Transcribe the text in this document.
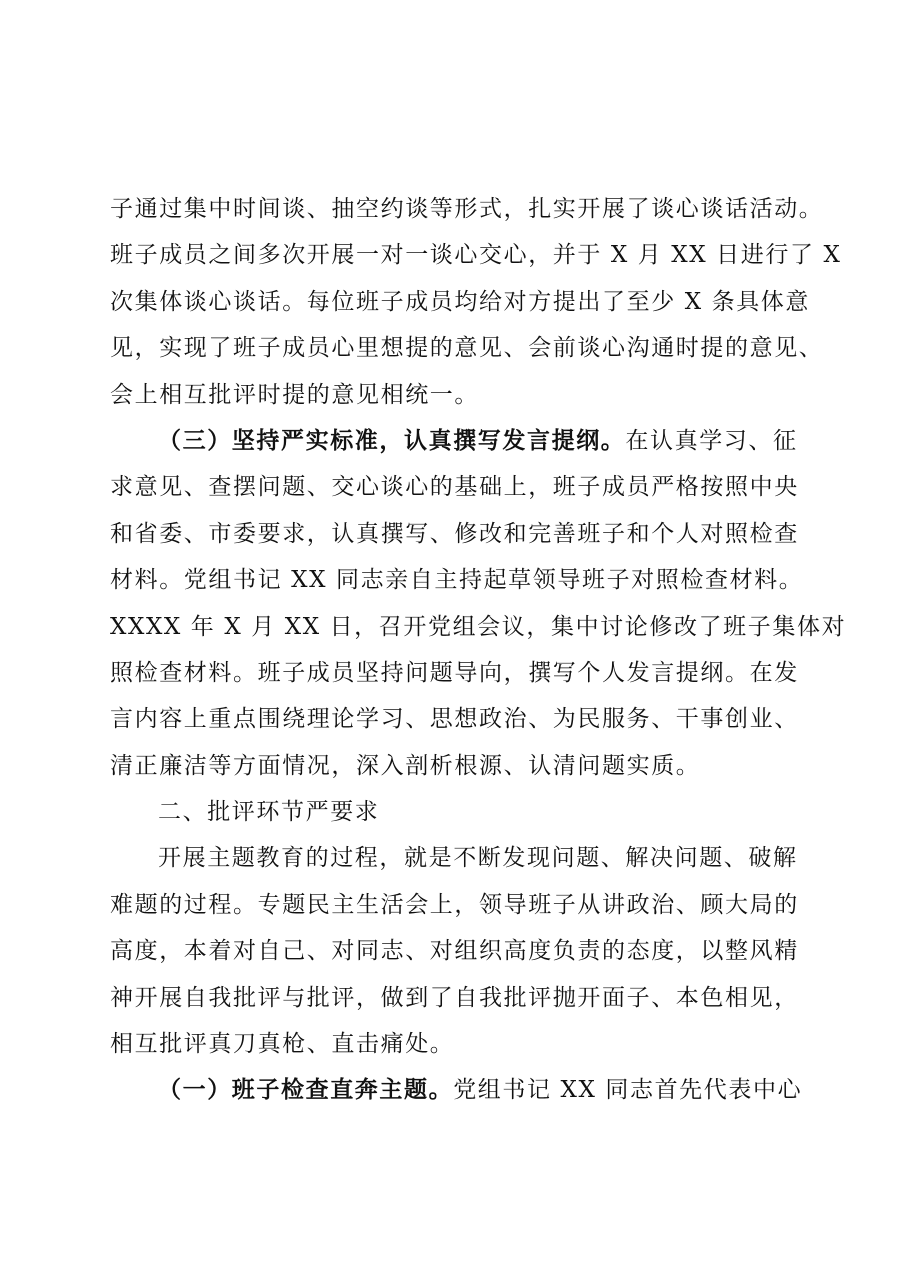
子通过集中时间谈、抽空约谈等形式，扎实开展了谈心谈话活动。
班子成员之间多次开展一对一谈心交心，并于 X 月 XX 日进行了 X
次集体谈心谈话。每位班子成员均给对方提出了至少 X 条具体意
见，实现了班子成员心里想提的意见、会前谈心沟通时提的意见、
会上相互批评时提的意见相统一。
（三）坚持严实标准，认真撰写发言提纲。在认真学习、征
求意见、查摆问题、交心谈心的基础上，班子成员严格按照中央
和省委、市委要求，认真撰写、修改和完善班子和个人对照检查
材料。党组书记 XX 同志亲自主持起草领导班子对照检查材料。
XXXX 年 X 月 XX 日，召开党组会议，集中讨论修改了班子集体对
照检查材料。班子成员坚持问题导向，撰写个人发言提纲。在发
言内容上重点围绕理论学习、思想政治、为民服务、干事创业、
清正廉洁等方面情况，深入剖析根源、认清问题实质。
二、批评环节严要求
开展主题教育的过程，就是不断发现问题、解决问题、破解
难题的过程。专题民主生活会上，领导班子从讲政治、顾大局的
高度，本着对自己、对同志、对组织高度负责的态度，以整风精
神开展自我批评与批评，做到了自我批评抛开面子、本色相见，
相互批评真刀真枪、直击痛处。
（一）班子检查直奔主题。党组书记 XX 同志首先代表中心
